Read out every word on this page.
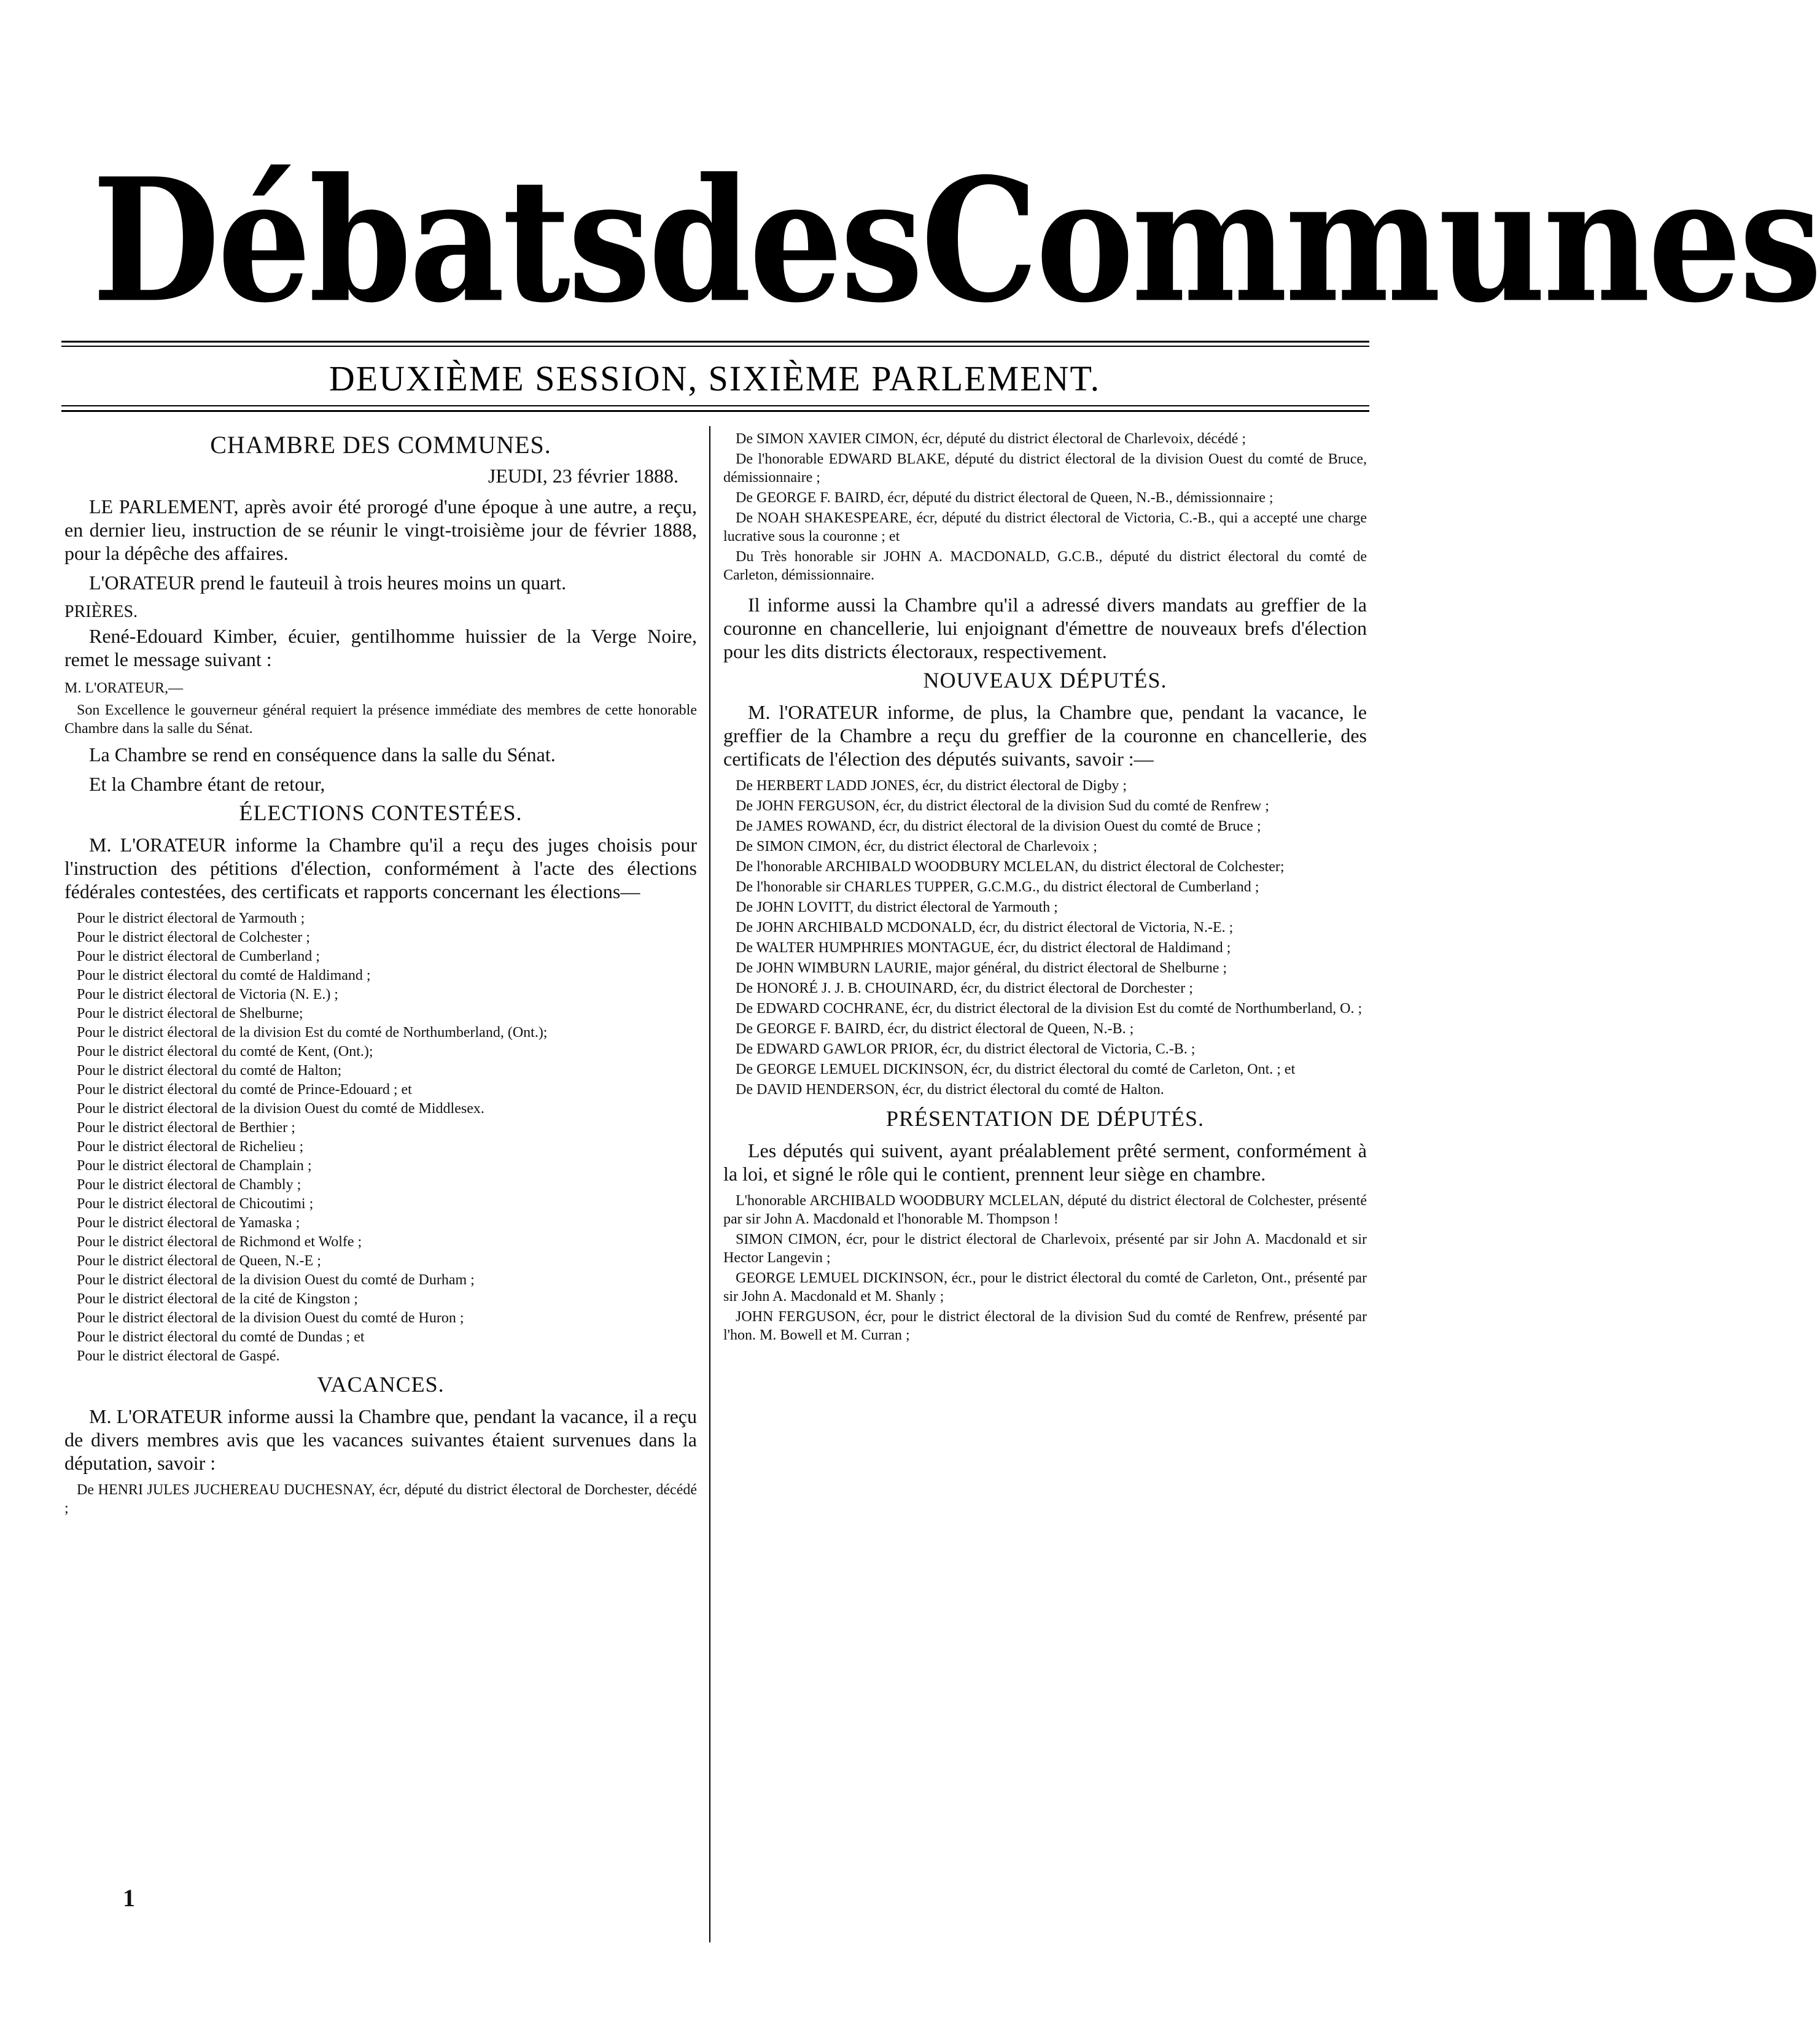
Débats des Communes
DEUXIÈME SESSION, SIXIÈME PARLEMENT.
CHAMBRE DES COMMUNES.
JEUDI, 23 février 1888.

LE PARLEMENT, après avoir été prorogé d'une époque à une autre, a reçu, en dernier lieu, instruction de se réunir le vingt-troisième jour de février 1888, pour la dépêche des affaires.

L'ORATEUR prend le fauteuil à trois heures moins un quart.

PRIÈRES.

René-Edouard Kimber, écuier, gentilhomme huissier de la Verge Noire, remet le message suivant :

M. L'ORATEUR,—
Son Excellence le gouverneur général requiert la présence immédiate des membres de cette honorable Chambre dans la salle du Sénat.

La Chambre se rend en conséquence dans la salle du Sénat.

Et la Chambre étant de retour,

ÉLECTIONS CONTESTÉES.

M. L'ORATEUR informe la Chambre qu'il a reçu des juges choisis pour l'instruction des pétitions d'élection, conformément à l'acte des élections fédérales contestées, des certificats et rapports concernant les élections—

Pour le district électoral de Yarmouth ;
Pour le district électoral de Colchester ;
Pour le district électoral de Cumberland ;
Pour le district électoral du comté de Haldimand ;
Pour le district électoral de Victoria (N. E.) ;
Pour le district électoral de Shelburne;
Pour le district électoral de la division Est du comté de Northumberland, (Ont.);
Pour le district électoral du comté de Kent, (Ont.);
Pour le district électoral du comté de Halton;
Pour le district électoral du comté de Prince-Edouard ; et
Pour le district électoral de la division Ouest du comté de Middlesex.
Pour le district électoral de Berthier ;
Pour le district électoral de Richelieu ;
Pour le district électoral de Champlain ;
Pour le district électoral de Chambly ;
Pour le district électoral de Chicoutimi ;
Pour le district électoral de Yamaska ;
Pour le district électoral de Richmond et Wolfe ;
Pour le district électoral de Queen, N.-E ;
Pour le district électoral de la division Ouest du comté de Durham ;
Pour le district électoral de la cité de Kingston ;
Pour le district électoral de la division Ouest du comté de Huron ;
Pour le district électoral du comté de Dundas ; et
Pour le district électoral de Gaspé.
VACANCES.

M. L'ORATEUR informe aussi la Chambre que, pendant la vacance, il a reçu de divers membres avis que les vacances suivantes étaient survenues dans la députation, savoir :

De HENRI JULES JUCHEREAU DUCHESNAY, écr, député du district électoral de Dorchester, décédé ;
1
De SIMON XAVIER CIMON, écr, député du district électoral de Charlevoix, décédé ;
De l'honorable EDWARD BLAKE, député du district électoral de la division Ouest du comté de Bruce, démissionnaire ;
De GEORGE F. BAIRD, écr, député du district électoral de Queen, N.-B., démissionnaire ;
De NOAH SHAKESPEARE, écr, député du district électoral de Victoria, C.-B., qui a accepté une charge lucrative sous la couronne ; et
Du Très honorable sir JOHN A. MACDONALD, G.C.B., député du district électoral du comté de Carleton, démissionnaire.

Il informe aussi la Chambre qu'il a adressé divers mandats au greffier de la couronne en chancellerie, lui enjoignant d'émettre de nouveaux brefs d'élection pour les dits districts électoraux, respectivement.

NOUVEAUX DÉPUTÉS.

M. l'ORATEUR informe, de plus, la Chambre que, pendant la vacance, le greffier de la Chambre a reçu du greffier de la couronne en chancellerie, des certificats de l'élection des députés suivants, savoir :—

De HERBERT LADD JONES, écr, du district électoral de Digby ;
De JOHN FERGUSON, écr, du district électoral de la division Sud du comté de Renfrew ;
De JAMES ROWAND, écr, du district électoral de la division Ouest du comté de Bruce ;
De SIMON CIMON, écr, du district électoral de Charlevoix ;
De l'honorable ARCHIBALD WOODBURY MCLELAN, du district électoral de Colchester;
De l'honorable sir CHARLES TUPPER, G.C.M.G., du district électoral de Cumberland ;
De JOHN LOVITT, du district électoral de Yarmouth ;
De JOHN ARCHIBALD MCDONALD, écr, du district électoral de Victoria, N.-E. ;
De WALTER HUMPHRIES MONTAGUE, écr, du district électoral de Haldimand ;
De JOHN WIMBURN LAURIE, major général, du district électoral de Shelburne ;
De HONORÉ J. J. B. CHOUINARD, écr, du district électoral de Dorchester ;
De EDWARD COCHRANE, écr, du district électoral de la division Est du comté de Northumberland, O. ;
De GEORGE F. BAIRD, écr, du district électoral de Queen, N.-B. ;
De EDWARD GAWLOR PRIOR, écr, du district électoral de Victoria, C.-B. ;
De GEORGE LEMUEL DICKINSON, écr, du district électoral du comté de Carleton, Ont. ; et
De DAVID HENDERSON, écr, du district électoral du comté de Halton.
PRÉSENTATION DE DÉPUTÉS.

Les députés qui suivent, ayant préalablement prêté serment, conformément à la loi, et signé le rôle qui le contient, prennent leur siège en chambre.

L'honorable ARCHIBALD WOODBURY MCLELAN, député du district électoral de Colchester, présenté par sir John A. Macdonald et l'honorable M. Thompson !
SIMON CIMON, écr, pour le district électoral de Charlevoix, présenté par sir John A. Macdonald et sir Hector Langevin ;
GEORGE LEMUEL DICKINSON, écr., pour le district électoral du comté de Carleton, Ont., présenté par sir John A. Macdonald et M. Shanly ;
JOHN FERGUSON, écr, pour le district électoral de la division Sud du comté de Renfrew, présenté par l'hon. M. Bowell et M. Curran ;
